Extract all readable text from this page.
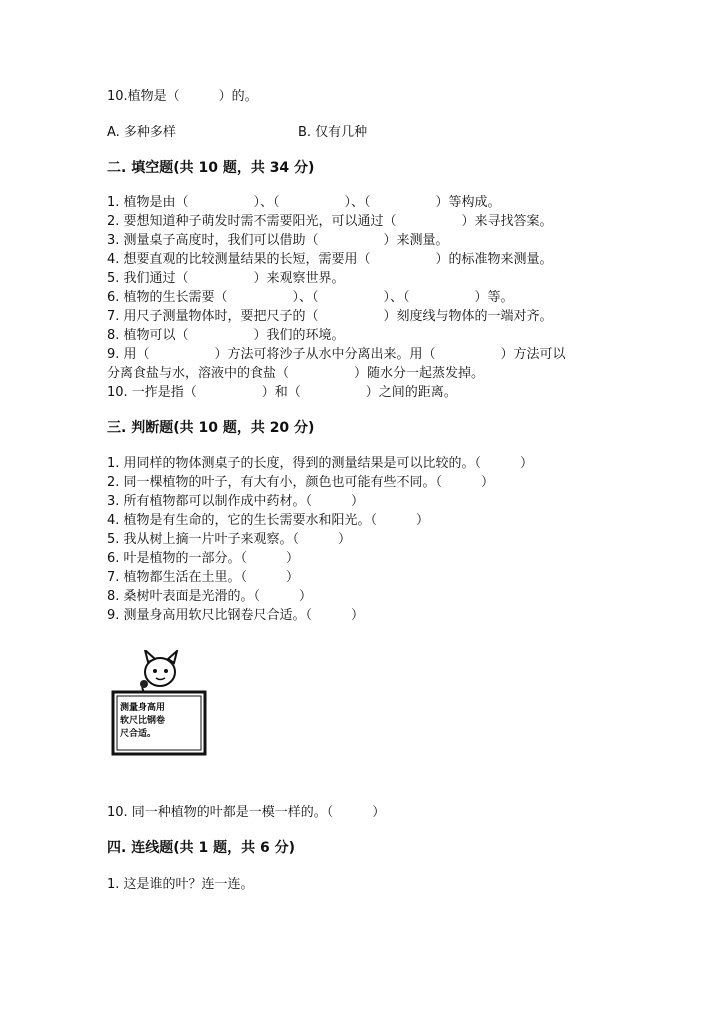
10.植物是（　　　）的。
A. 多种多样	B. 仅有几种
二. 填空题(共 10 题，共 34 分)
1. 植物是由（　　　　　）、（　　　　　）、（　　　　　）等构成。
2. 要想知道种子萌发时需不需要阳光，可以通过（　　　　　）来寻找答案。
3. 测量桌子高度时，我们可以借助（　　　　　）来测量。
4. 想要直观的比较测量结果的长短，需要用（　　　　　）的标准物来测量。
5. 我们通过（　　　　　）来观察世界。
6. 植物的生长需要（　　　　　）、（　　　　　）、（　　　　　）等。
7. 用尺子测量物体时，要把尺子的（　　　　　）刻度线与物体的一端对齐。
8. 植物可以（　　　　　）我们的环境。
9. 用（　　　　　）方法可将沙子从水中分离出来。用（　　　　　）方法可以
分离食盐与水，溶液中的食盐（　　　　　）随水分一起蒸发掉。
10. 一拃是指（　　　　　）和（　　　　　）之间的距离。
三. 判断题(共 10 题，共 20 分)
1. 用同样的物体测桌子的长度，得到的测量结果是可以比较的。（　　　）
2. 同一棵植物的叶子，有大有小，颜色也可能有些不同。（　　　）
3. 所有植物都可以制作成中药材。（　　　）
4. 植物是有生命的，它的生长需要水和阳光。（　　　）
5. 我从树上摘一片叶子来观察。（　　　）
6. 叶是植物的一部分。（　　　）
7. 植物都生活在土里。（　　　）
8. 桑树叶表面是光滑的。（　　　）
9. 测量身高用软尺比钢卷尺合适。（　　　）
测量身高用
软尺比钢卷
尺合适。
10. 同一种植物的叶都是一模一样的。（　　　）
四. 连线题(共 1 题，共 6 分)
1. 这是谁的叶？连一连。
